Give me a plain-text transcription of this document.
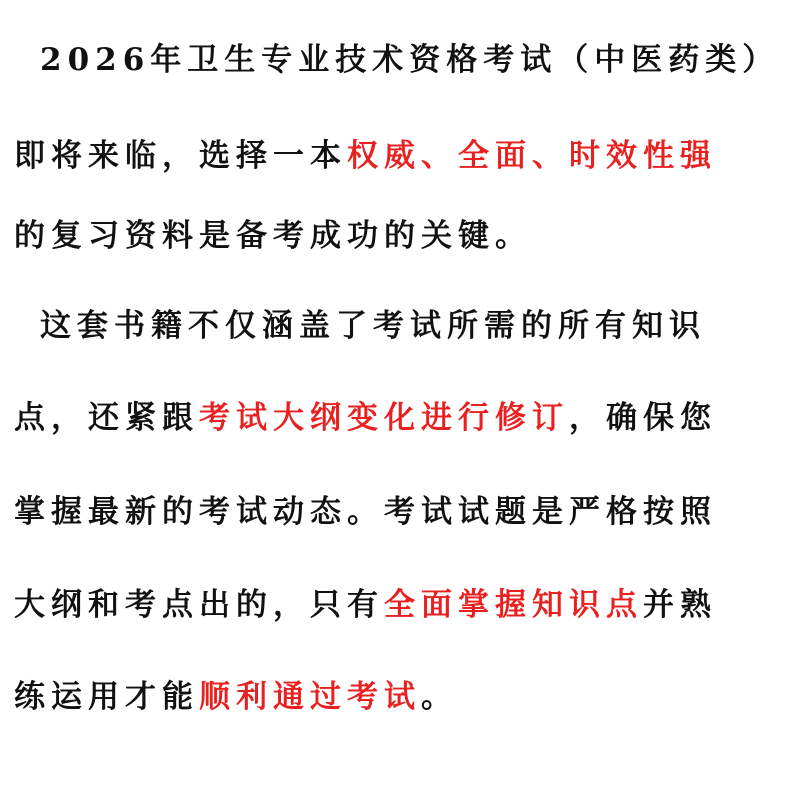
2026年卫生专业技术资格考试（中医药类）
即将来临，选择一本权威、全面、时效性强
的复习资料是备考成功的关键。
这套书籍不仅涵盖了考试所需的所有知识
点，还紧跟考试大纲变化进行修订，确保您
掌握最新的考试动态。考试试题是严格按照
大纲和考点出的，只有全面掌握知识点并熟
练运用才能顺利通过考试。
